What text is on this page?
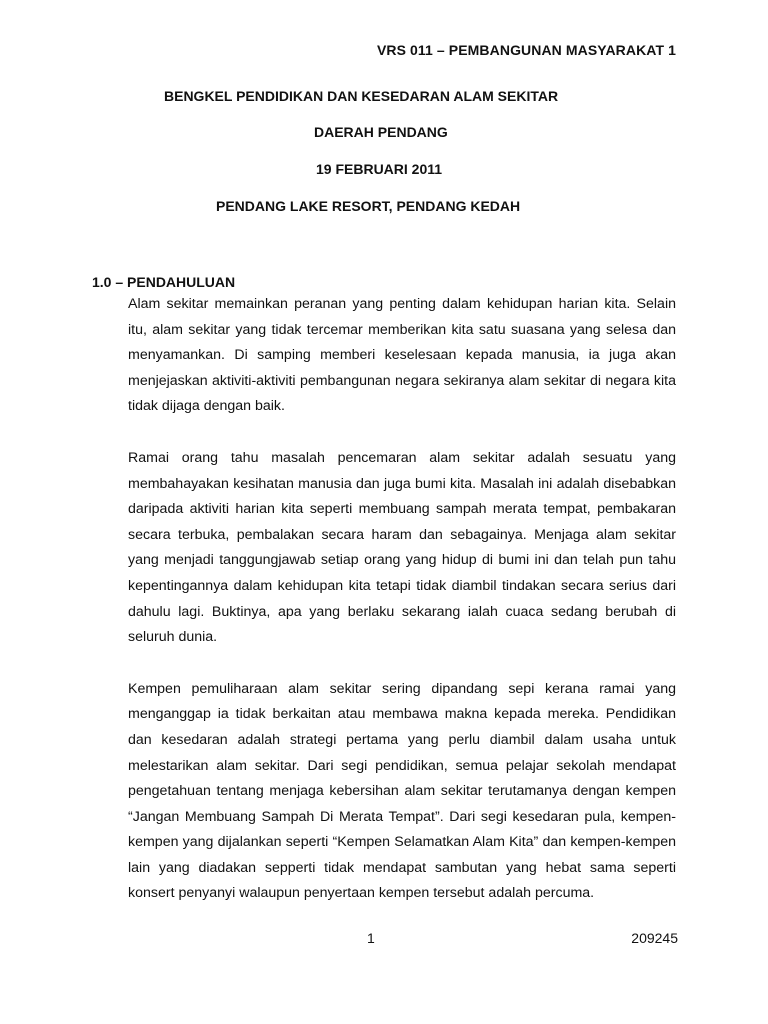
VRS 011 – PEMBANGUNAN MASYARAKAT 1
BENGKEL PENDIDIKAN DAN KESEDARAN ALAM SEKITAR
DAERAH PENDANG
19 FEBRUARI 2011
PENDANG LAKE RESORT, PENDANG KEDAH
1.0 – PENDAHULUAN

Alam sekitar memainkan peranan yang penting dalam kehidupan harian kita. Selain itu, alam sekitar yang tidak tercemar memberikan kita satu suasana yang selesa dan menyamankan. Di samping memberi keselesaan kepada manusia, ia juga akan menjejaskan aktiviti-aktiviti pembangunan negara sekiranya alam sekitar di negara kita tidak dijaga dengan baik.

Ramai orang tahu masalah pencemaran alam sekitar adalah sesuatu yang membahayakan kesihatan manusia dan juga bumi kita. Masalah ini adalah disebabkan daripada aktiviti harian kita seperti membuang sampah merata tempat, pembakaran secara terbuka, pembalakan secara haram dan sebagainya. Menjaga alam sekitar yang menjadi tanggungjawab setiap orang yang hidup di bumi ini dan telah pun tahu kepentingannya dalam kehidupan kita tetapi tidak diambil tindakan secara serius dari dahulu lagi. Buktinya, apa yang berlaku sekarang ialah cuaca sedang berubah di seluruh dunia.

Kempen pemuliharaan alam sekitar sering dipandang sepi kerana ramai yang menganggap ia tidak berkaitan atau membawa makna kepada mereka. Pendidikan dan kesedaran adalah strategi pertama yang perlu diambil dalam usaha untuk melestarikan alam sekitar. Dari segi pendidikan, semua pelajar sekolah mendapat pengetahuan tentang menjaga kebersihan alam sekitar terutamanya dengan kempen “Jangan Membuang Sampah Di Merata Tempat”. Dari segi kesedaran pula, kempen-kempen yang dijalankan seperti “Kempen Selamatkan Alam Kita” dan kempen-kempen lain yang diadakan sepperti tidak mendapat sambutan yang hebat sama seperti konsert penyanyi walaupun penyertaan kempen tersebut adalah percuma.

1	209245
